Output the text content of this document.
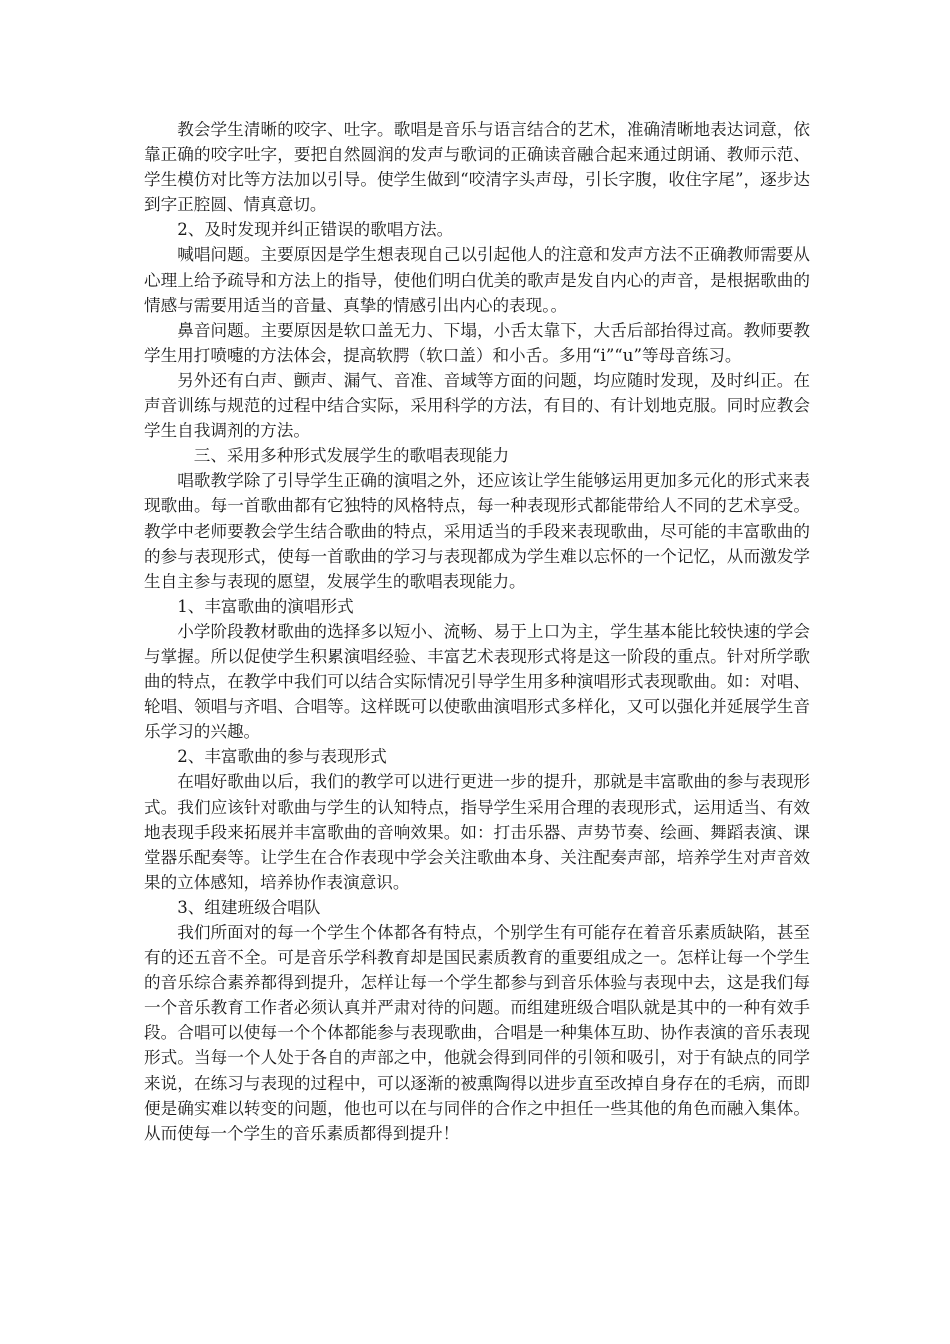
教会学生清晰的咬字、吐字。歌唱是音乐与语言结合的艺术，准确清晰地表达词意，依靠正确的咬字吐字，要把自然圆润的发声与歌词的正确读音融合起来通过朗诵、教师示范、学生模仿对比等方法加以引导。使学生做到“咬清字头声母，引长字腹，收住字尾”，逐步达到字正腔圆、情真意切。

2、及时发现并纠正错误的歌唱方法。

喊唱问题。主要原因是学生想表现自己以引起他人的注意和发声方法不正确教师需要从心理上给予疏导和方法上的指导，使他们明白优美的歌声是发自内心的声音，是根据歌曲的情感与需要用适当的音量、真挚的情感引出内心的表现。。

鼻音问题。主要原因是软口盖无力、下塌，小舌太靠下，大舌后部抬得过高。教师要教学生用打喷嚏的方法体会，提高软腭（软口盖）和小舌。多用“i”“u”等母音练习。

另外还有白声、颤声、漏气、音准、音域等方面的问题，均应随时发现，及时纠正。在声音训练与规范的过程中结合实际，采用科学的方法，有目的、有计划地克服。同时应教会学生自我调剂的方法。

三、采用多种形式发展学生的歌唱表现能力

唱歌教学除了引导学生正确的演唱之外，还应该让学生能够运用更加多元化的形式来表现歌曲。每一首歌曲都有它独特的风格特点，每一种表现形式都能带给人不同的艺术享受。教学中老师要教会学生结合歌曲的特点，采用适当的手段来表现歌曲，尽可能的丰富歌曲的的参与表现形式，使每一首歌曲的学习与表现都成为学生难以忘怀的一个记忆，从而激发学生自主参与表现的愿望，发展学生的歌唱表现能力。

1、丰富歌曲的演唱形式

小学阶段教材歌曲的选择多以短小、流畅、易于上口为主，学生基本能比较快速的学会与掌握。所以促使学生积累演唱经验、丰富艺术表现形式将是这一阶段的重点。针对所学歌曲的特点，在教学中我们可以结合实际情况引导学生用多种演唱形式表现歌曲。如：对唱、轮唱、领唱与齐唱、合唱等。这样既可以使歌曲演唱形式多样化，又可以强化并延展学生音乐学习的兴趣。

2、丰富歌曲的参与表现形式

在唱好歌曲以后，我们的教学可以进行更进一步的提升，那就是丰富歌曲的参与表现形式。我们应该针对歌曲与学生的认知特点，指导学生采用合理的表现形式，运用适当、有效地表现手段来拓展并丰富歌曲的音响效果。如：打击乐器、声势节奏、绘画、舞蹈表演、课堂器乐配奏等。让学生在合作表现中学会关注歌曲本身、关注配奏声部，培养学生对声音效果的立体感知，培养协作表演意识。

3、组建班级合唱队

我们所面对的每一个学生个体都各有特点，个别学生有可能存在着音乐素质缺陷，甚至有的还五音不全。可是音乐学科教育却是国民素质教育的重要组成之一。怎样让每一个学生的音乐综合素养都得到提升，怎样让每一个学生都参与到音乐体验与表现中去，这是我们每一个音乐教育工作者必须认真并严肃对待的问题。而组建班级合唱队就是其中的一种有效手段。合唱可以使每一个个体都能参与表现歌曲，合唱是一种集体互助、协作表演的音乐表现形式。当每一个人处于各自的声部之中，他就会得到同伴的引领和吸引，对于有缺点的同学来说，在练习与表现的过程中，可以逐渐的被熏陶得以进步直至改掉自身存在的毛病，而即便是确实难以转变的问题，他也可以在与同伴的合作之中担任一些其他的角色而融入集体。从而使每一个学生的音乐素质都得到提升！
